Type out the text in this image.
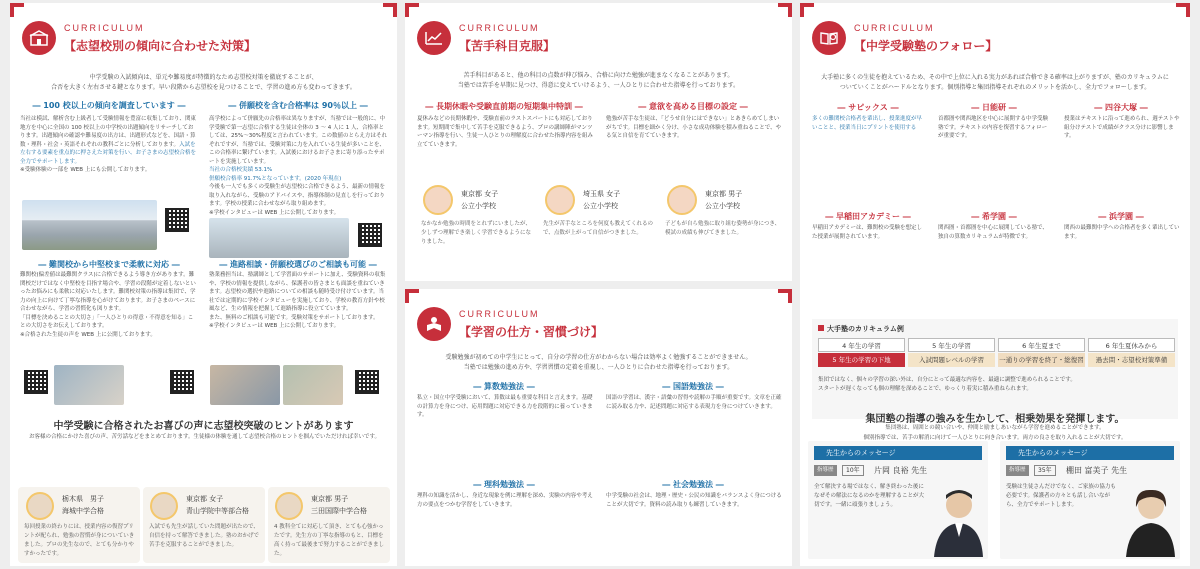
CURRICULUM
【志望校別の傾向に合わせた対策】
中学受験の入試傾向は、単元や難易度が特徴的なため志望校対策を徹底することが、
合否を大きく左右させる鍵となります。早い段階から志望校を見つけることで、学習の進め方も変わってきます。
― 100 校以上の傾向を調査しています ―	― 併願校を含む合格率は 90％以上 ―

当社は模試、解析含む上級者して受験情報を豊富に収集しており、関東地方を中心に全国の 100 校以上の中学校の出題傾向をリサーチしております。出題傾向の確認や難易度の出方は、出題形式などを、国語・算数・理科・社会・英語それぞれの教科ごとに分析しております。入試を左右する要素を重点的に押さえた対策を行い、お子さまの志望校合格を全力でサポートします。

※受験体験の一部を WEB 上にも公開しております。

高学校によって併願先の合格率は異なりますが、当塾では一般的に、中学受験で第一志望に合格する生徒は全体の 3 〜 4 人に 1 人、合格率としては、25%〜30%程度と言われています。この数値のとらえ方はそれぞれですが、当塾では、受験対策に力を入れている生徒が多いことを、この合格率に繋げています。入試後におけるお子さまに寄り添ったサポートを実施しています。

当社の合格校実績 53.1%

併願校合格率 91.7%となっています。(2020 年現在)

今後も一人でも多くの受験生が志望校に合格できるよう、最新の情報を取り入れながら、受験のアドバイスや、指導体制の見直しを行っております。学校の授業に合わせながら取り組めます。

※学校インタビューは WEB 上に公開しております。

― 難関校から中堅校まで柔軟に対応 ―	― 進路相談・併願校選びのご相談も可能 ―

難関校(偏差値は最難関クラス)に合格できるよう導き方があります。難関校だけではなく中堅校を目指す場合や、学習の段階が定着しないといったお悩みにも柔軟に対応いたします。難関校対策の指導は集団で、学力の向上に向けて丁寧な指導を心がけております。お子さまのペースに合わせながら、学習の習慣化も図ります。

「目標を決めることの大切さ」「一人ひとりの得意・不得意を知る」ことの大切さをお伝えしております。

※合格された生徒の声を WEB 上に公開しております。

塾業務担当は、塾講師として学習面のサポートに加え、受験資料の収集や、学校の情報を提供しながら、保護者の皆さまとも面談を重ねていきます。志望校の選択や進路についての相談も随時受け付けています。当社では定期的に学校インタビューを実施しており、学校の教育方針や校風など、生の情報を把握して進路指導に役立てています。

また、無料のご相談も可能です。受験対策をサポートしております。

※学校インタビューは WEB 上に公開しております。

中学受験に合格されたお喜びの声に志望校突破のヒントがあります
お客様の合格にかけた喜びの声、苦労話などをまとめております。生徒様の体験を通して志望校合格のヒントを掴んでいただければ幸いです。
栃木県　男子
海城中学合格
毎回授業の終わりには、授業内容の復習プリントが配られ、勉強の習慣が身についていきました。プロの先生なので、とても分かりやすかったです。
東京都 女子
青山学院中等部合格
入試でも先生が話していた問題が出たので、自信を持って解答できました。塾のおかげで苦手を克服することができました。
東京都 男子
三田国際中学合格
4 教科全てに対応して頂き、とても心強かったです。先生方の丁寧な指導のもと、目標を高く持って最後まで努力することができました。
CURRICULUM
【苦手科目克服】
苦手科目があると、他の科目の点数が伸び悩み、合格に向けた勉強が進まなくなることがあります。
当塾では苦手を早期に見つけ、得意に変えていけるよう、一人ひとりに合わせた指導を行っております。
― 長期休暇や受験直前期の短期集中特訓 ―	― 意欲を高める目標の設定 ―
夏休みなどの長期休暇や、受験直前のラストスパートにも対応しております。短期間で集中して苦手を克服できるよう、プロの講師陣がマンツーマン指導を行い、生徒一人ひとりの理解度に合わせた指導内容を組み立てていきます。
勉強が苦手な生徒は、「どうせ自分にはできない」とあきらめてしまいがちです。目標を細かく分け、小さな成功体験を積み重ねることで、やる気と自信を育てていきます。
東京都 女子
公立小学校
なかなか勉強の時間をとれずにいましたが、少しずつ理解でき楽しく学習できるようになりました。
埼玉県 女子
公立小学校
先生が苦手なところを何度も教えてくれるので、点数が上がって自信がつきました。
東京都 男子
公立小学校
子どもが自ら勉強に取り組む姿勢が身につき、模試の成績も伸びてきました。
CURRICULUM
【学習の仕方・習慣づけ】
受験勉強が初めての中学生にとって、自分の学習の仕方がわからない場合は効率よく勉強することができません。
当塾では勉強の進め方や、学習習慣の定着を重視し、一人ひとりに合わせた指導を行っております。
― 算数勉強法 ―	― 国語勉強法 ―
私立・国立中学受験において、算数は最も重要な科目と言えます。基礎の計算力を身につけ、応用問題に対応できる力を段階的に養っていきます。
国語の学習は、漢字・語彙の習得や読解の手順が重要です。文章を正確に読み取る力や、記述問題に対応する表現力を身につけていきます。
― 理科勉強法 ―	― 社会勉強法 ―
理科の知識を活かし、身近な現象を例に理解を深め、実験の内容や考え方の要点をつかむ学習をしていきます。
中学受験の社会は、地理・歴史・公民の知識をバランスよく身につけることが大切です。資料の読み取りも練習していきます。
CURRICULUM
【中学受験塾のフォロー】
大手塾に多くの生徒を抱えているため、その中で上位に入れる実力があれば合格できる確率は上がりますが、塾のカリキュラムに
ついていくことがハードルとなります。個別指導と集団指導それぞれのメリットを活かし、全力でフォローします。
― サピックス ―	― 日能研 ―	― 四谷大塚 ―
多くの難関校合格者を輩出し、授業進度が早いことと、授業当日にプリントを使用する
首都圏や関西地区を中心に展開する中学受験塾です。テキストの内容を復習するフォローが重要です。
授業はテキストに沿って進められ、週テストや組分けテストで成績がクラス分けに影響します。
― 早稲田アカデミー ―	― 希学園 ―	― 浜学園 ―
早稲田アカデミーは、難関校の受験を想定した授業が展開されています。
関西圏・首都圏を中心に展開している塾で、独自の算数カリキュラムが特徴です。
関西の最難関中学への合格者を多く輩出しています。
大手塾のカリキュラム例
4 年生の学習	5 年生の学習	6 年生夏まで	6 年生夏休みから
5 年生の学習の下地	入試問題レベルの学習	一通りの学習を終了・総復習	過去問・志望校対策準備

集団ではなく、個々の学習の深い外は、自分にとって最適な内容を、最適に調整で進められることです。

スタートが遅くなっても個の理解を深めることで、ゆっくり着実に積み重ねられます。

集団塾の指導の強みを生かして、相乗効果を発揮します。
集団塾は、周囲との競い合いや、仲間と励ましあいながら学習を進めることができます。
個別指導では、苦手の解消に向けて一人ひとりに向き合います。両方の良さを取り入れることが大切です。
先生からのメッセージ
指導歴	10年	片岡 良裕 先生
全て解決する場ではなく、解き終わった後になぜその解法になるのかを理解することが大切です。一緒に頑張りましょう。
先生からのメッセージ
指導歴	35年	棚田 富美子 先生
受験は生徒さんだけでなく、ご家族の協力も必要です。保護者の方々とも話し合いながら、全力でサポートします。
